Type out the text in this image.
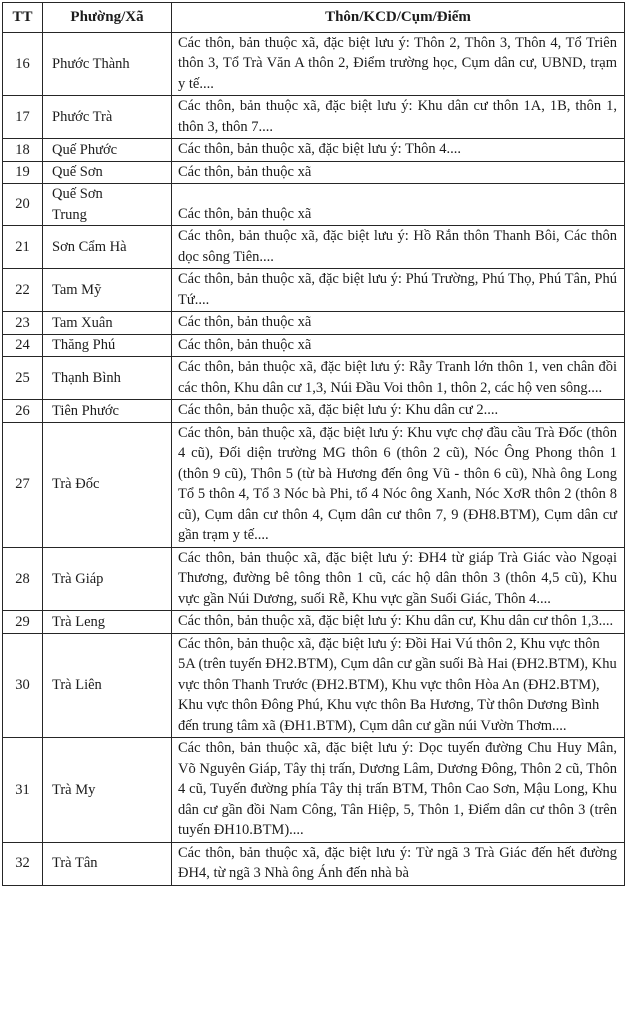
TT	Phường/Xã	Thôn/KCD/Cụm/Điểm
16	Phước Thành	Các thôn, bản thuộc xã, đặc biệt lưu ý: Thôn 2, Thôn 3, Thôn 4, Tổ Triên thôn 3, Tổ Trà Văn A thôn 2, Điểm trường học, Cụm dân cư, UBND, trạm y tế....
17	Phước Trà	Các thôn, bản thuộc xã, đặc biệt lưu ý: Khu dân cư thôn 1A, 1B, thôn 1, thôn 3, thôn 7....
18	Quế Phước	Các thôn, bản thuộc xã, đặc biệt lưu ý: Thôn 4....
19	Quế Sơn	Các thôn, bản thuộc xã
20	Quế Sơn Trung	Các thôn, bản thuộc xã
21	Sơn Cẩm Hà	Các thôn, bản thuộc xã, đặc biệt lưu ý: Hồ Rắn thôn Thanh Bôi, Các thôn dọc sông Tiên....
22	Tam Mỹ	Các thôn, bản thuộc xã, đặc biệt lưu ý: Phú Trường, Phú Thọ, Phú Tân, Phú Tứ....
23	Tam Xuân	Các thôn, bản thuộc xã
24	Thăng Phú	Các thôn, bản thuộc xã
25	Thạnh Bình	Các thôn, bản thuộc xã, đặc biệt lưu ý: Rẫy Tranh lớn thôn 1, ven chân đồi các thôn, Khu dân cư 1,3, Núi Đầu Voi thôn 1, thôn 2, các hộ ven sông....
26	Tiên Phước	Các thôn, bản thuộc xã, đặc biệt lưu ý: Khu dân cư 2....
27	Trà Đốc	Các thôn, bản thuộc xã, đặc biệt lưu ý: Khu vực chợ đầu cầu Trà Đốc (thôn 4 cũ), Đối diện trường MG thôn 6 (thôn 2 cũ), Nóc Ông Phong thôn 1 (thôn 9 cũ), Thôn 5 (từ bà Hương đến ông Vũ - thôn 6 cũ), Nhà ông Long Tổ 5 thôn 4, Tổ 3 Nóc bà Phi, tổ 4 Nóc ông Xanh, Nóc XơR thôn 2 (thôn 8 cũ), Cụm dân cư thôn 4, Cụm dân cư thôn 7, 9 (ĐH8.BTM), Cụm dân cư gần trạm y tế....
28	Trà Giáp	Các thôn, bản thuộc xã, đặc biệt lưu ý: ĐH4 từ giáp Trà Giác vào Ngoại Thương, đường bê tông thôn 1 cũ, các hộ dân thôn 3 (thôn 4,5 cũ), Khu vực gần Núi Dương, suối Rễ, Khu vực gần Suối Giác, Thôn 4....
29	Trà Leng	Các thôn, bản thuộc xã, đặc biệt lưu ý: Khu dân cư, Khu dân cư thôn 1,3....
30	Trà Liên	Các thôn, bản thuộc xã, đặc biệt lưu ý: Đồi Hai Vú thôn 2, Khu vực thôn 5A (trên tuyến ĐH2.BTM), Cụm dân cư gần suối Bà Hai (ĐH2.BTM), Khu vực thôn Thanh Trước (ĐH2.BTM), Khu vực thôn Hòa An (ĐH2.BTM), Khu vực thôn Đông Phú, Khu vực thôn Ba Hương, Từ thôn Dương Bình đến trung tâm xã (ĐH1.BTM), Cụm dân cư gần núi Vườn Thơm....
31	Trà My	Các thôn, bản thuộc xã, đặc biệt lưu ý: Dọc tuyến đường Chu Huy Mân, Võ Nguyên Giáp, Tây thị trấn, Dương Lâm, Dương Đông, Thôn 2 cũ, Thôn 4 cũ, Tuyến đường phía Tây thị trấn BTM, Thôn Cao Sơn, Mậu Long, Khu dân cư gần đồi Nam Công, Tân Hiệp, 5, Thôn 1, Điểm dân cư thôn 3 (trên tuyến ĐH10.BTM)....
32	Trà Tân	Các thôn, bản thuộc xã, đặc biệt lưu ý: Từ ngã 3 Trà Giác đến hết đường ĐH4, từ ngã 3 Nhà ông Ánh đến nhà bà
